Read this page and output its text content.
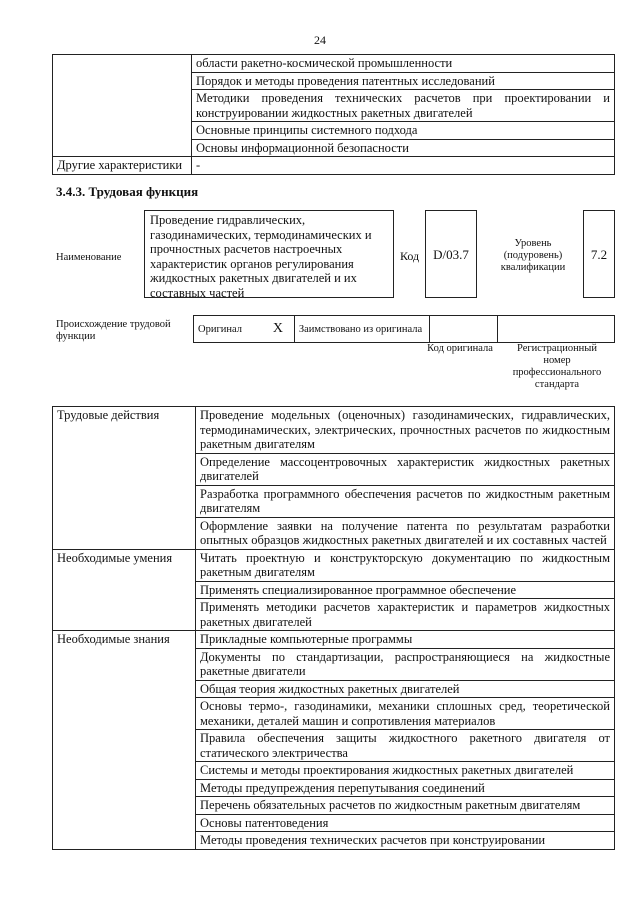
24
	области ракетно-космической промышленности
	Порядок и методы проведения патентных исследований
	Методики проведения технических расчетов при проектировании и конструировании жидкостных ракетных двигателей
	Основные принципы системного подхода
	Основы информационной безопасности
Другие характеристики	-
3.4.3. Трудовая функция
Наименование
Проведение гидравлических, газодинамических, термодинамических и прочностных расчетов настроечных характеристик органов регулирования жидкостных ракетных двигателей и их составных частей
Код	D/03.7
Уровень (подуровень) квалификации
7.2
Происхождение трудовой функции
Оригинал	X	Заимствовано из оригинала		
Код оригинала	Регистрационный номер профессионального стандарта
Трудовые действия	Проведение модельных (оценочных) газодинамических, гидравлических, термодинамических, электрических, прочностных расчетов по жидкостным ракетным двигателям
	Определение массоцентровочных характеристик жидкостных ракетных двигателей
	Разработка программного обеспечения расчетов по жидкостным ракетным двигателям
	Оформление заявки на получение патента по результатам разработки опытных образцов жидкостных ракетных двигателей и их составных частей
Необходимые умения	Читать проектную и конструкторскую документацию по жидкостным ракетным двигателям
	Применять специализированное программное обеспечение
	Применять методики расчетов характеристик и параметров жидкостных ракетных двигателей
Необходимые знания	Прикладные компьютерные программы
	Документы по стандартизации, распространяющиеся на жидкостные ракетные двигатели
	Общая теория жидкостных ракетных двигателей
	Основы термо-, газодинамики, механики сплошных сред, теоретической механики, деталей машин и сопротивления материалов
	Правила обеспечения защиты жидкостного ракетного двигателя от статического электричества
	Системы и методы проектирования жидкостных ракетных двигателей
	Методы предупреждения перепутывания соединений
	Перечень обязательных расчетов по жидкостным ракетным двигателям
	Основы патентоведения
	Методы проведения технических расчетов при конструировании
